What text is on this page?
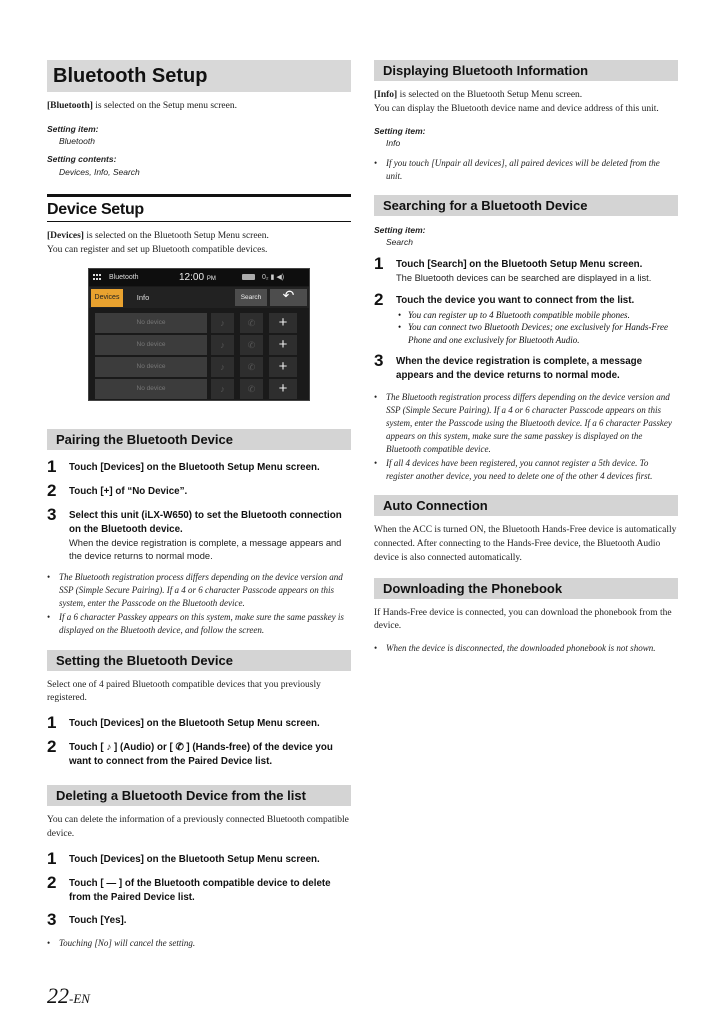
Bluetooth Setup

[Bluetooth] is selected on the Setup menu screen.

Setting item:
Bluetooth
Setting contents:
Devices, Info, Search
Device Setup

[Devices] is selected on the Bluetooth Setup Menu screen.
You can register and set up Bluetooth compatible devices.

Bluetooth	12:00 PM	0₂ ▮ ◀)
Devices	Info	Search	↶
No device	♪	✆	+
No device	♪	✆	+
No device	♪	✆	+
No device	♪	✆	+
Pairing the Bluetooth Device
1	Touch [Devices] on the Bluetooth Setup Menu screen.
2	Touch [+] of “No Device”.
3	Select this unit (iLX-W650) to set the Bluetooth connection on the Bluetooth device.
When the device registration is complete, a message appears and the device returns to normal mode.
• The Bluetooth registration process differs depending on the device version and SSP (Simple Secure Pairing). If a 4 or 6 character Passcode appears on this system, enter the Passcode on the Bluetooth device.
• If a 6 character Passkey appears on this system, make sure the same passkey is displayed on the Bluetooth device, and follow the screen.
Setting the Bluetooth Device

Select one of 4 paired Bluetooth compatible devices that you previously registered.

1	Touch [Devices] on the Bluetooth Setup Menu screen.
2	Touch [ ♪ ] (Audio) or [ ✆ ] (Hands-free) of the device you want to connect from the Paired Device list.
Deleting a Bluetooth Device from the list

You can delete the information of a previously connected Bluetooth compatible device.

1	Touch [Devices] on the Bluetooth Setup Menu screen.
2	Touch [ — ] of the Bluetooth compatible device to delete from the Paired Device list.
3	Touch [Yes].
• Touching [No] will cancel the setting.
Displaying Bluetooth Information

[Info] is selected on the Bluetooth Setup Menu screen.
You can display the Bluetooth device name and device address of this unit.

Setting item:
Info
• If you touch [Unpair all devices], all paired devices will be deleted from the unit.
Searching for a Bluetooth Device
Setting item:
Search
1	Touch [Search] on the Bluetooth Setup Menu screen.
The Bluetooth devices can be searched are displayed in a list.
2	Touch the device you want to connect from the list.
• You can register up to 4 Bluetooth compatible mobile phones.
• You can connect two Bluetooth Devices; one exclusively for Hands-Free Phone and one exclusively for Bluetooth Audio.
3	When the device registration is complete, a message appears and the device returns to normal mode.
• The Bluetooth registration process differs depending on the device version and SSP (Simple Secure Pairing). If a 4 or 6 character Passcode appears on this system, enter the Passcode using the Bluetooth device. If a 6 character Passkey appears on this system, make sure the same passkey is displayed on the Bluetooth compatible device.
• If all 4 devices have been registered, you cannot register a 5th device. To register another device, you need to delete one of the other 4 devices first.
Auto Connection

When the ACC is turned ON, the Bluetooth Hands-Free device is automatically connected. After connecting to the Hands-Free device, the Bluetooth Audio device is also connected automatically.

Downloading the Phonebook

If Hands-Free device is connected, you can download the phonebook from the device.

• When the device is disconnected, the downloaded phonebook is not shown.
22-EN
